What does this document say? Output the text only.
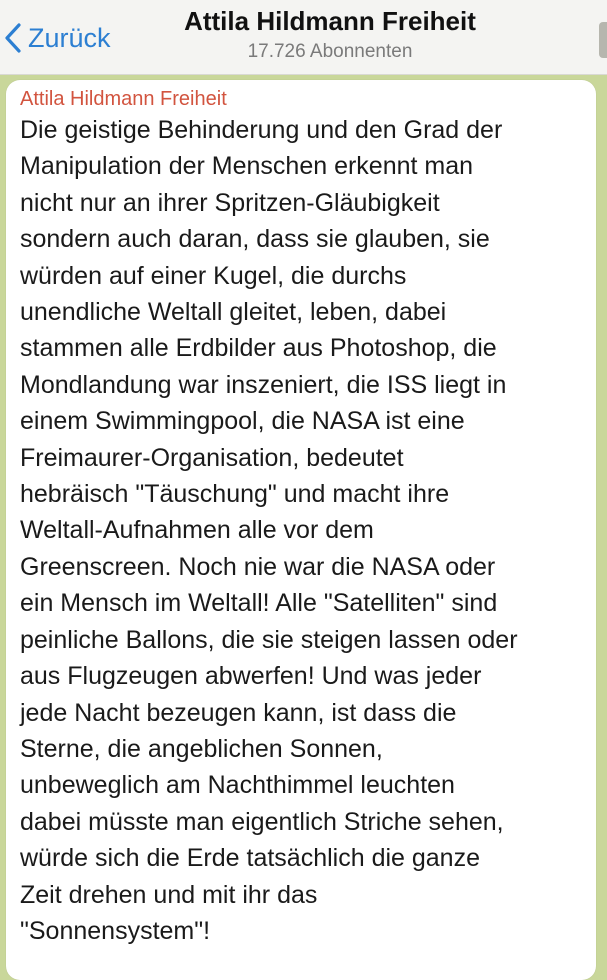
Zurück
Attila Hildmann Freiheit
17.726 Abonnenten
Attila Hildmann Freiheit
Die geistige Behinderung und den Grad der
Manipulation der Menschen erkennt man
nicht nur an ihrer Spritzen-Gläubigkeit
sondern auch daran, dass sie glauben, sie
würden auf einer Kugel, die durchs
unendliche Weltall gleitet, leben, dabei
stammen alle Erdbilder aus Photoshop, die
Mondlandung war inszeniert, die ISS liegt in
einem Swimmingpool, die NASA ist eine
Freimaurer-Organisation, bedeutet
hebräisch "Täuschung" und macht ihre
Weltall-Aufnahmen alle vor dem
Greenscreen. Noch nie war die NASA oder
ein Mensch im Weltall! Alle "Satelliten" sind
peinliche Ballons, die sie steigen lassen oder
aus Flugzeugen abwerfen! Und was jeder
jede Nacht bezeugen kann, ist dass die
Sterne, die angeblichen Sonnen,
unbeweglich am Nachthimmel leuchten
dabei müsste man eigentlich Striche sehen,
würde sich die Erde tatsächlich die ganze
Zeit drehen und mit ihr das
"Sonnensystem"!
